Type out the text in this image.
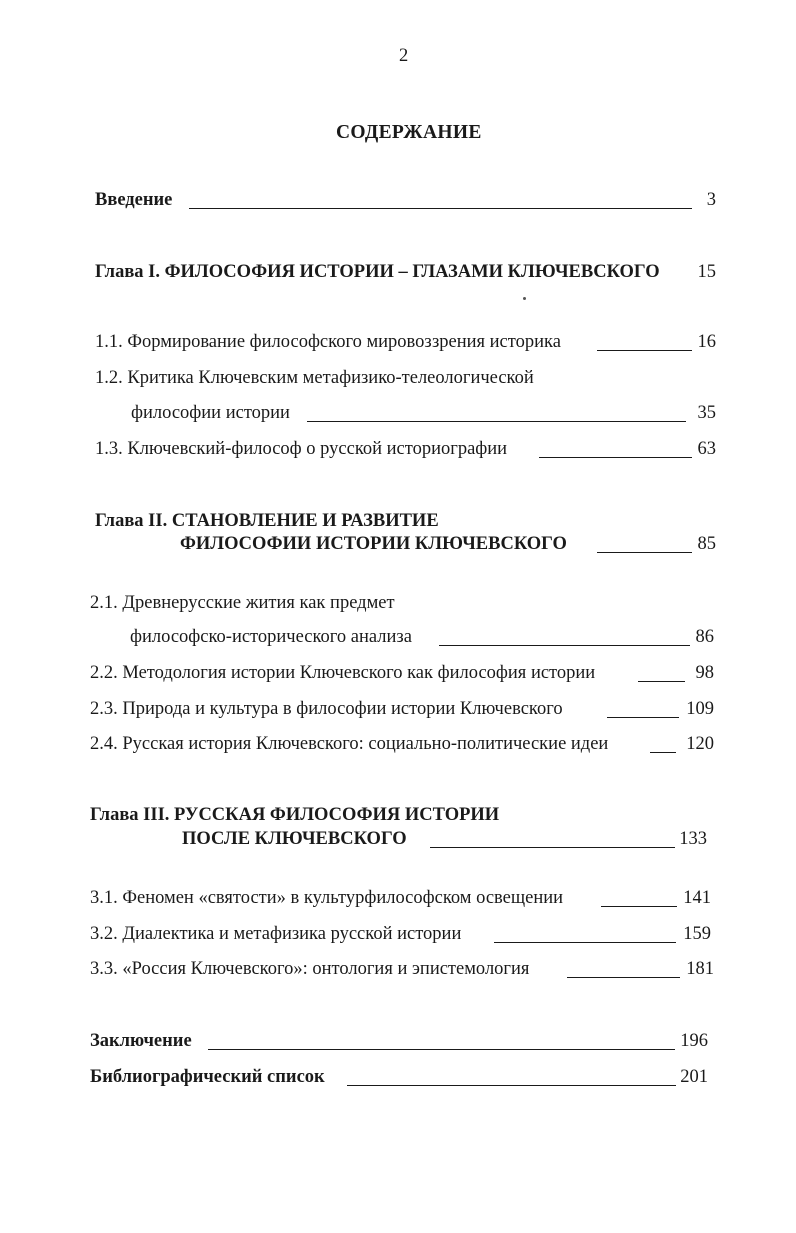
2
СОДЕРЖАНИЕ
Введение	3
Глава I. ФИЛОСОФИЯ ИСТОРИИ – ГЛАЗАМИ КЛЮЧЕВСКОГО	15
1.1. Формирование философского мировоззрения историка	16
1.2. Критика Ключевским метафизико-телеологической
философии истории	35
1.3. Ключевский-философ о русской историографии	63
Глава II. СТАНОВЛЕНИЕ И РАЗВИТИЕ
ФИЛОСОФИИ ИСТОРИИ КЛЮЧЕВСКОГО	85
2.1. Древнерусские жития как предмет
философско-исторического анализа	86
2.2. Методология истории Ключевского как философия истории	98
2.3. Природа и культура в философии истории Ключевского	109
2.4. Русская история Ключевского: социально-политические идеи	120
Глава III. РУССКАЯ ФИЛОСОФИЯ ИСТОРИИ
ПОСЛЕ КЛЮЧЕВСКОГО	133
3.1. Феномен «святости» в культурфилософском освещении	141
3.2. Диалектика и метафизика русской истории	159
3.3. «Россия Ключевского»: онтология и эпистемология	181
Заключение	196
Библиографический список	201
